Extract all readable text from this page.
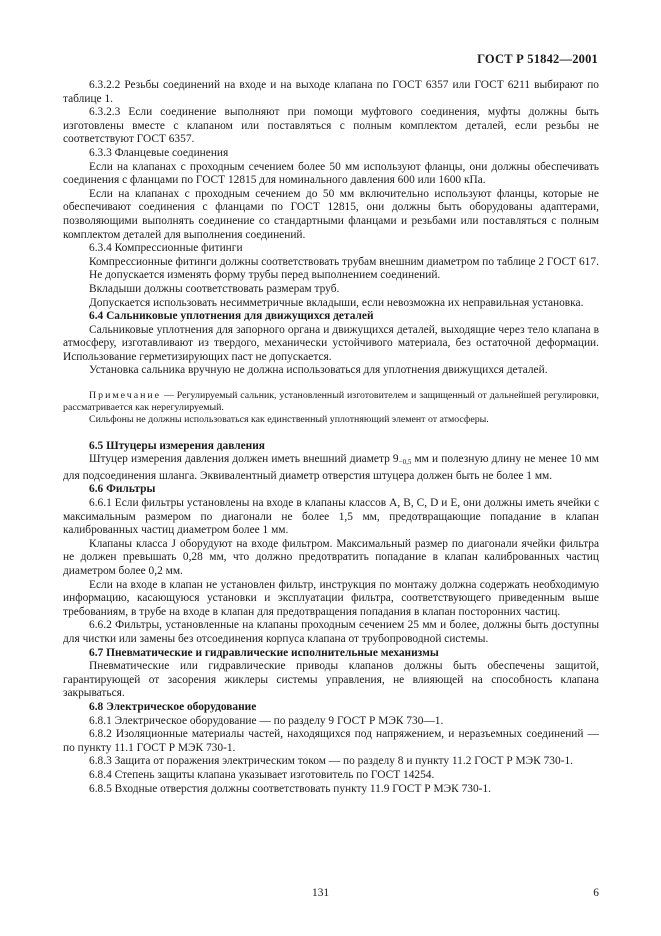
ГОСТ Р 51842—2001

6.3.2.2 Резьбы соединений на входе и на выходе клапана по ГОСТ 6357 или ГОСТ 6211 выбирают по таблице 1.

6.3.2.3 Если соединение выполняют при помощи муфтового соединения, муфты должны быть изготовлены вместе с клапаном или поставляться с полным комплектом деталей, если резьбы не соответствуют ГОСТ 6357.

6.3.3 Фланцевые соединения

Если на клапанах с проходным сечением более 50 мм используют фланцы, они должны обеспечивать соединения с фланцами по ГОСТ 12815 для номинального давления 600 или 1600 кПа.

Если на клапанах с проходным сечением до 50 мм включительно используют фланцы, которые не обеспечивают соединения с фланцами по ГОСТ 12815, они должны быть оборудованы адаптерами, позволяющими выполнять соединение со стандартными фланцами и резьбами или поставляться с полным комплектом деталей для выполнения соединений.

6.3.4 Компрессионные фитинги

Компрессионные фитинги должны соответствовать трубам внешним диаметром по таблице 2 ГОСТ 617.

Не допускается изменять форму трубы перед выполнением соединений.

Вкладыши должны соответствовать размерам труб.

Допускается использовать несимметричные вкладыши, если невозможна их неправильная установка.

6.4 Сальниковые уплотнения для движущихся деталей

Сальниковые уплотнения для запорного органа и движущихся деталей, выходящие через тело клапана в атмосферу, изготавливают из твердого, механически устойчивого материала, без остаточной деформации. Использование герметизирующих паст не допускается.

Установка сальника вручную не должна использоваться для уплотнения движущихся деталей.

Примечание — Регулируемый сальник, установленный изготовителем и защищенный от дальнейшей регулировки, рассматривается как нерегулируемый.

Сильфоны не должны использоваться как единственный уплотняющий элемент от атмосферы.

6.5 Штуцеры измерения давления

Штуцер измерения давления должен иметь внешний диаметр $9_{-0,5}$ мм и полезную длину не менее 10 мм для подсоединения шланга. Эквивалентный диаметр отверстия штуцера должен быть не более 1 мм.

6.6 Фильтры

6.6.1 Если фильтры установлены на входе в клапаны классов A, B, C, D и E, они должны иметь ячейки с максимальным размером по диагонали не более 1,5 мм, предотвращающие попадание в клапан калиброванных частиц диаметром более 1 мм.

Клапаны класса J оборудуют на входе фильтром. Максимальный размер по диагонали ячейки фильтра не должен превышать 0,28 мм, что должно предотвратить попадание в клапан калиброванных частиц диаметром более 0,2 мм.

Если на входе в клапан не установлен фильтр, инструкция по монтажу должна содержать необходимую информацию, касающуюся установки и эксплуатации фильтра, соответствующего приведенным выше требованиям, в трубе на входе в клапан для предотвращения попадания в клапан посторонних частиц.

6.6.2 Фильтры, установленные на клапаны проходным сечением 25 мм и более, должны быть доступны для чистки или замены без отсоединения корпуса клапана от трубопроводной системы.

6.7 Пневматические и гидравлические исполнительные механизмы

Пневматические или гидравлические приводы клапанов должны быть обеспечены защитой, гарантирующей от засорения жиклеры системы управления, не влияющей на способность клапана закрываться.

6.8 Электрическое оборудование

6.8.1 Электрическое оборудование — по разделу 9 ГОСТ Р МЭК 730—1.

6.8.2 Изоляционные материалы частей, находящихся под напряжением, и неразъемных соединений — по пункту 11.1 ГОСТ Р МЭК 730-1.

6.8.3 Защита от поражения электрическим током — по разделу 8 и пункту 11.2 ГОСТ Р МЭК 730-1.

6.8.4 Степень защиты клапана указывает изготовитель по ГОСТ 14254.

6.8.5 Входные отверстия должны соответствовать пункту 11.9 ГОСТ Р МЭК 730-1.

131	6
